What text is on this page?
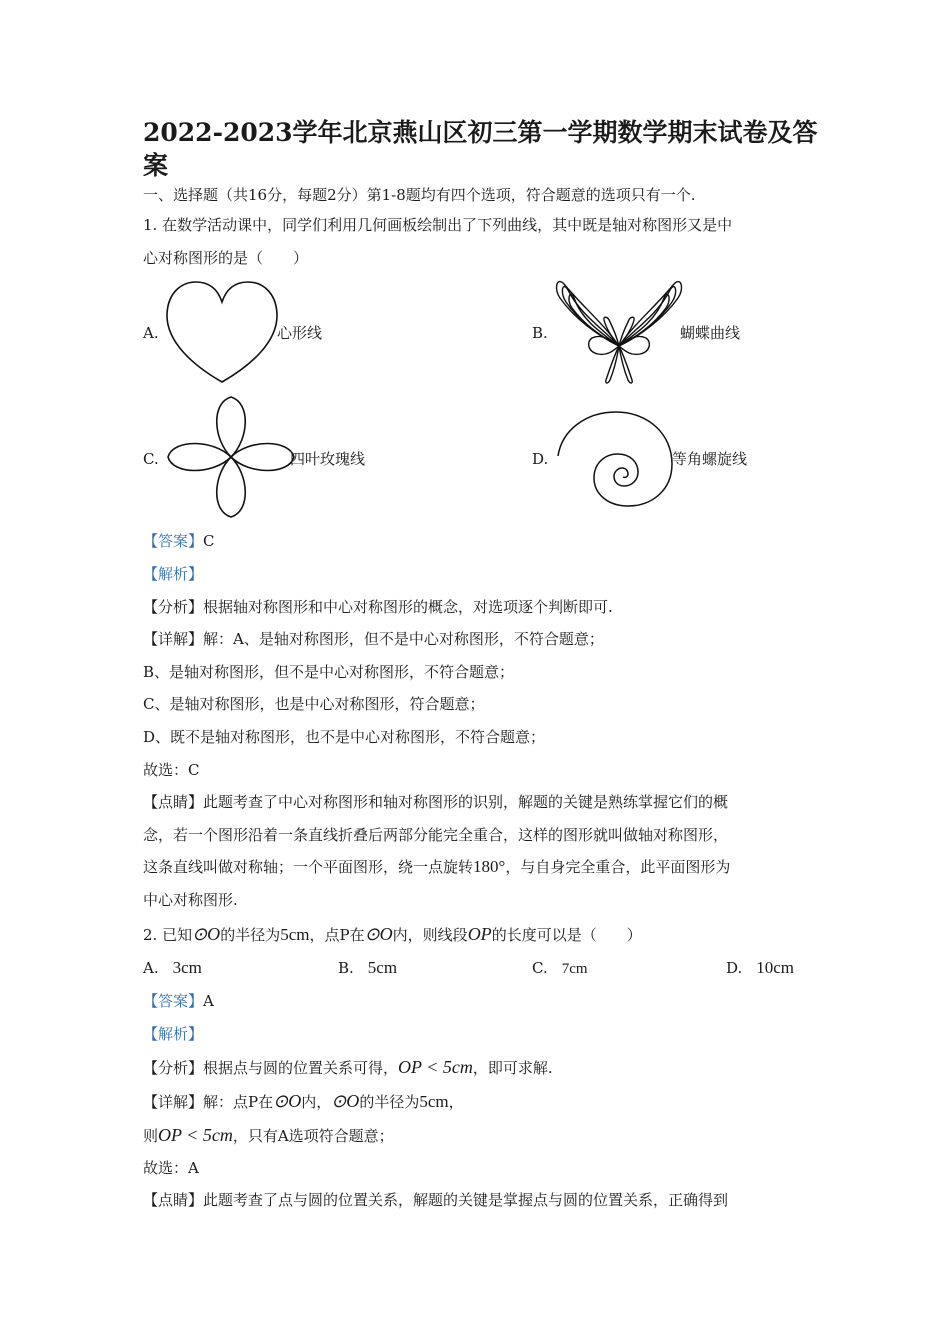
2022-2023学年北京燕山区初三第一学期数学期末试卷及答案
一、选择题（共16分，每题2分）第1-8题均有四个选项，符合题意的选项只有一个.
1. 在数学活动课中，同学们利用几何画板绘制出了下列曲线，其中既是轴对称图形又是中
心对称图形的是（　　）
A.	心形线	B.	蝴蝶曲线
C.	四叶玫瑰线	D.	等角螺旋线
【答案】C
【解析】
【分析】根据轴对称图形和中心对称图形的概念，对选项逐个判断即可.
【详解】解：A、是轴对称图形，但不是中心对称图形，不符合题意；
B、是轴对称图形，但不是中心对称图形，不符合题意；
C、是轴对称图形，也是中心对称图形，符合题意；
D、既不是轴对称图形，也不是中心对称图形，不符合题意；
故选：C
【点睛】此题考查了中心对称图形和轴对称图形的识别，解题的关键是熟练掌握它们的概
念，若一个图形沿着一条直线折叠后两部分能完全重合，这样的图形就叫做轴对称图形，
这条直线叫做对称轴；一个平面图形，绕一点旋转180°，与自身完全重合，此平面图形为
中心对称图形.
2. 已知⊙O的半径为5cm，点P在⊙O内，则线段OP的长度可以是（　　）
A. 3cm	B. 5cm	C. 7cm	D. 10cm
【答案】A
【解析】
【分析】根据点与圆的位置关系可得，OP < 5cm，即可求解.
【详解】解：点P在⊙O内，⊙O的半径为5cm，
则OP < 5cm，只有A选项符合题意；
故选：A
【点睛】此题考查了点与圆的位置关系，解题的关键是掌握点与圆的位置关系，正确得到
